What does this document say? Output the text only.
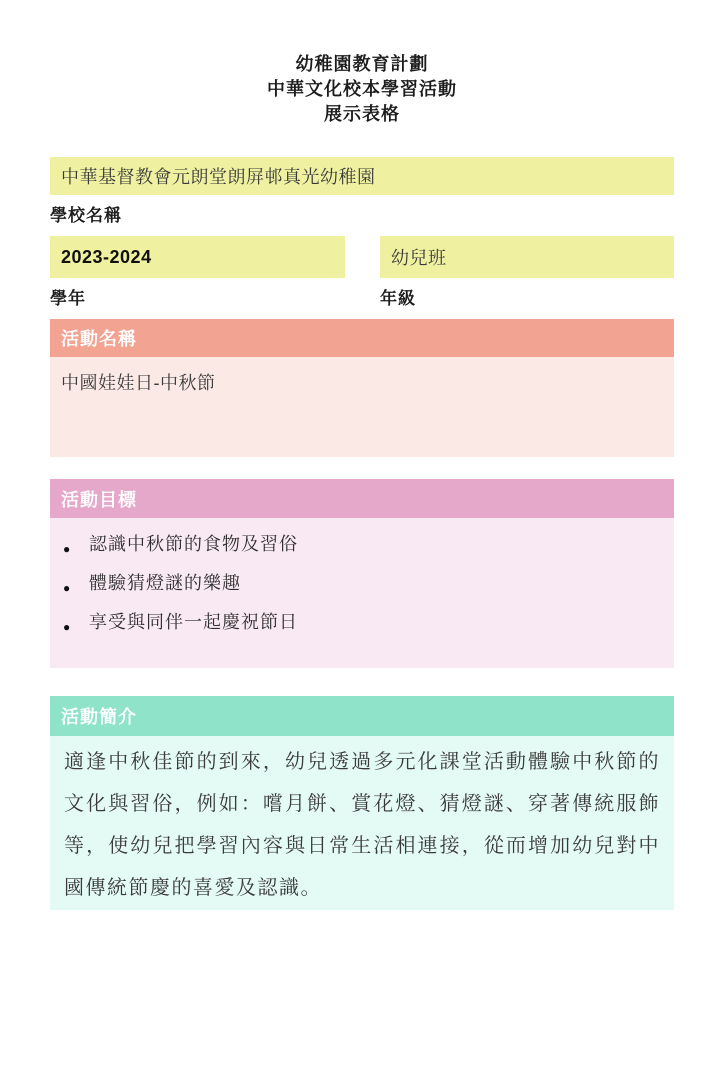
幼稚園教育計劃
中華文化校本學習活動
展示表格
中華基督教會元朗堂朗屏邨真光幼稚園
學校名稱
2023-2024
學年
幼兒班
年級
活動名稱
中國娃娃日-中秋節
活動目標
● 認識中秋節的食物及習俗
● 體驗猜燈謎的樂趣
● 享受與同伴一起慶祝節日
活動簡介

適逢中秋佳節的到來，幼兒透過多元化課堂活動體驗中秋節的文化與習俗，例如：嚐月餅、賞花燈、猜燈謎、穿著傳統服飾等，使幼兒把學習內容與日常生活相連接，從而增加幼兒對中國傳統節慶的喜愛及認識。
